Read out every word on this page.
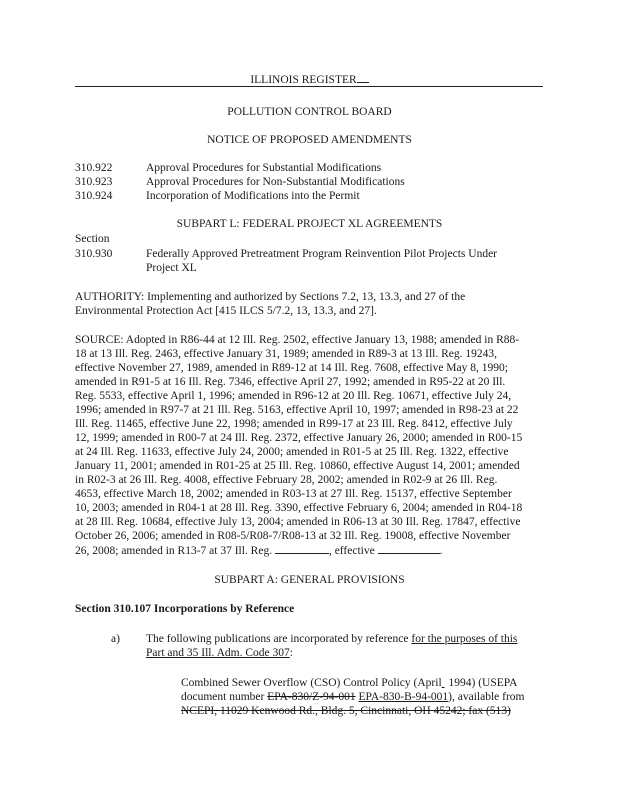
ILLINOIS REGISTER
POLLUTION CONTROL BOARD
NOTICE OF PROPOSED AMENDMENTS
310.922	Approval Procedures for Substantial Modifications
310.923	Approval Procedures for Non-Substantial Modifications
310.924	Incorporation of Modifications into the Permit
SUBPART L: FEDERAL PROJECT XL AGREEMENTS
Section
310.930	Federally Approved Pretreatment Program Reinvention Pilot Projects Under
Project XL
AUTHORITY: Implementing and authorized by Sections 7.2, 13, 13.3, and 27 of the
Environmental Protection Act [415 ILCS 5/7.2, 13, 13.3, and 27].
SOURCE: Adopted in R86-44 at 12 Ill. Reg. 2502, effective January 13, 1988; amended in R88-
18 at 13 Ill. Reg. 2463, effective January 31, 1989; amended in R89-3 at 13 Ill. Reg. 19243,
effective November 27, 1989, amended in R89-12 at 14 Ill. Reg. 7608, effective May 8, 1990;
amended in R91-5 at 16 Ill. Reg. 7346, effective April 27, 1992; amended in R95-22 at 20 Ill.
Reg. 5533, effective April 1, 1996; amended in R96-12 at 20 Ill. Reg. 10671, effective July 24,
1996; amended in R97-7 at 21 Ill. Reg. 5163, effective April 10, 1997; amended in R98-23 at 22
Ill. Reg. 11465, effective June 22, 1998; amended in R99-17 at 23 Ill. Reg. 8412, effective July
12, 1999; amended in R00-7 at 24 Ill. Reg. 2372, effective January 26, 2000; amended in R00-15
at 24 Ill. Reg. 11633, effective July 24, 2000; amended in R01-5 at 25 Ill. Reg. 1322, effective
January 11, 2001; amended in R01-25 at 25 Ill. Reg. 10860, effective August 14, 2001; amended
in R02-3 at 26 Ill. Reg. 4008, effective February 28, 2002; amended in R02-9 at 26 Ill. Reg.
4653, effective March 18, 2002; amended in R03-13 at 27 Ill. Reg. 15137, effective September
10, 2003; amended in R04-1 at 28 Ill. Reg. 3390, effective February 6, 2004; amended in R04-18
at 28 Ill. Reg. 10684, effective July 13, 2004; amended in R06-13 at 30 Ill. Reg. 17847, effective
October 26, 2006; amended in R08-5/R08-7/R08-13 at 32 Ill. Reg. 19008, effective November
26, 2008; amended in R13-7 at 37 Ill. Reg.	, effective	.
SUBPART A: GENERAL PROVISIONS
Section 310.107 Incorporations by Reference
a) The following publications are incorporated by reference for the purposes of this
Part and 35 Ill. Adm. Code 307:
Combined Sewer Overflow (CSO) Control Policy (April  1994) (USEPA
document number EPA-830/Z-94-001 EPA-830-B-94-001), available from
NCEPI, 11029 Kenwood Rd., Bldg. 5, Cincinnati, OH 45242; fax (513)
